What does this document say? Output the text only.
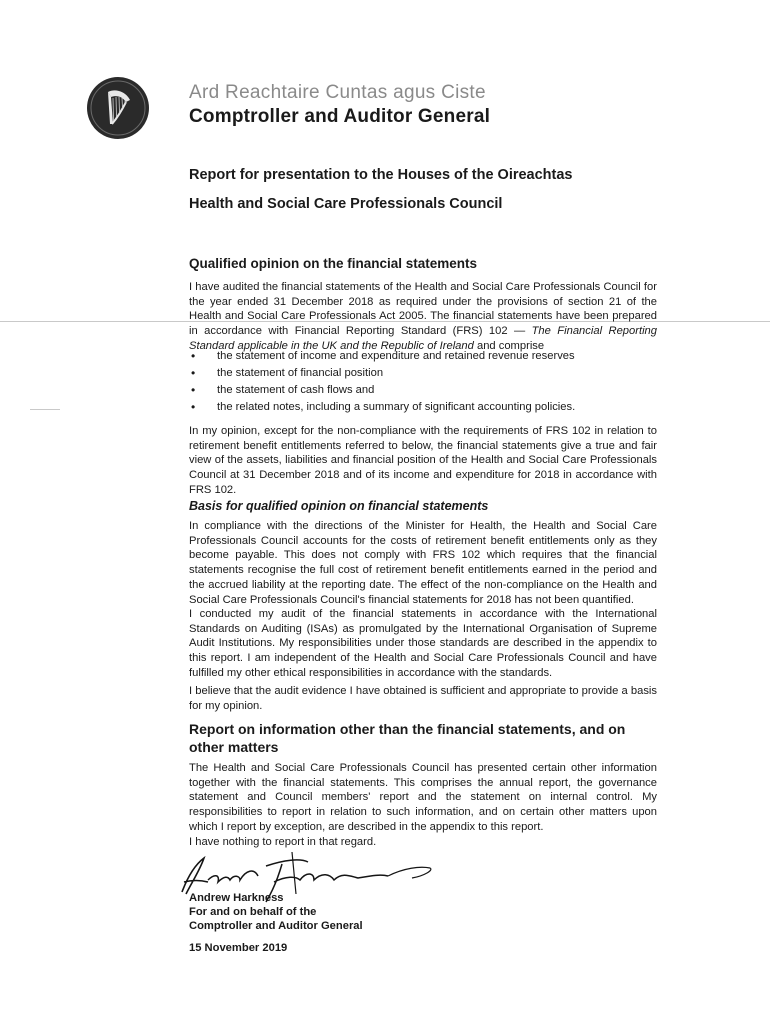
Ard Reachtaire Cuntas agus Ciste
Comptroller and Auditor General
Report for presentation to the Houses of the Oireachtas
Health and Social Care Professionals Council
Qualified opinion on the financial statements

I have audited the financial statements of the Health and Social Care Professionals Council for the year ended 31 December 2018 as required under the provisions of section 21 of the Health and Social Care Professionals Act 2005. The financial statements have been prepared in accordance with Financial Reporting Standard (FRS) 102 — The Financial Reporting Standard applicable in the UK and the Republic of Ireland and comprise

• the statement of income and expenditure and retained revenue reserves
• the statement of financial position
• the statement of cash flows and
• the related notes, including a summary of significant accounting policies.

In my opinion, except for the non-compliance with the requirements of FRS 102 in relation to retirement benefit entitlements referred to below, the financial statements give a true and fair view of the assets, liabilities and financial position of the Health and Social Care Professionals Council at 31 December 2018 and of its income and expenditure for 2018 in accordance with FRS 102.

Basis for qualified opinion on financial statements

In compliance with the directions of the Minister for Health, the Health and Social Care Professionals Council accounts for the costs of retirement benefit entitlements only as they become payable. This does not comply with FRS 102 which requires that the financial statements recognise the full cost of retirement benefit entitlements earned in the period and the accrued liability at the reporting date. The effect of the non-compliance on the Health and Social Care Professionals Council's financial statements for 2018 has not been quantified.

I conducted my audit of the financial statements in accordance with the International Standards on Auditing (ISAs) as promulgated by the International Organisation of Supreme Audit Institutions. My responsibilities under those standards are described in the appendix to this report. I am independent of the Health and Social Care Professionals Council and have fulfilled my other ethical responsibilities in accordance with the standards.

I believe that the audit evidence I have obtained is sufficient and appropriate to provide a basis for my opinion.

Report on information other than the financial statements, and on
other matters

The Health and Social Care Professionals Council has presented certain other information together with the financial statements. This comprises the annual report, the governance statement and Council members' report and the statement on internal control. My responsibilities to report in relation to such information, and on certain other matters upon which I report by exception, are described in the appendix to this report.

I have nothing to report in that regard.

Andrew Harkness
For and on behalf of the
Comptroller and Auditor General
15 November 2019
